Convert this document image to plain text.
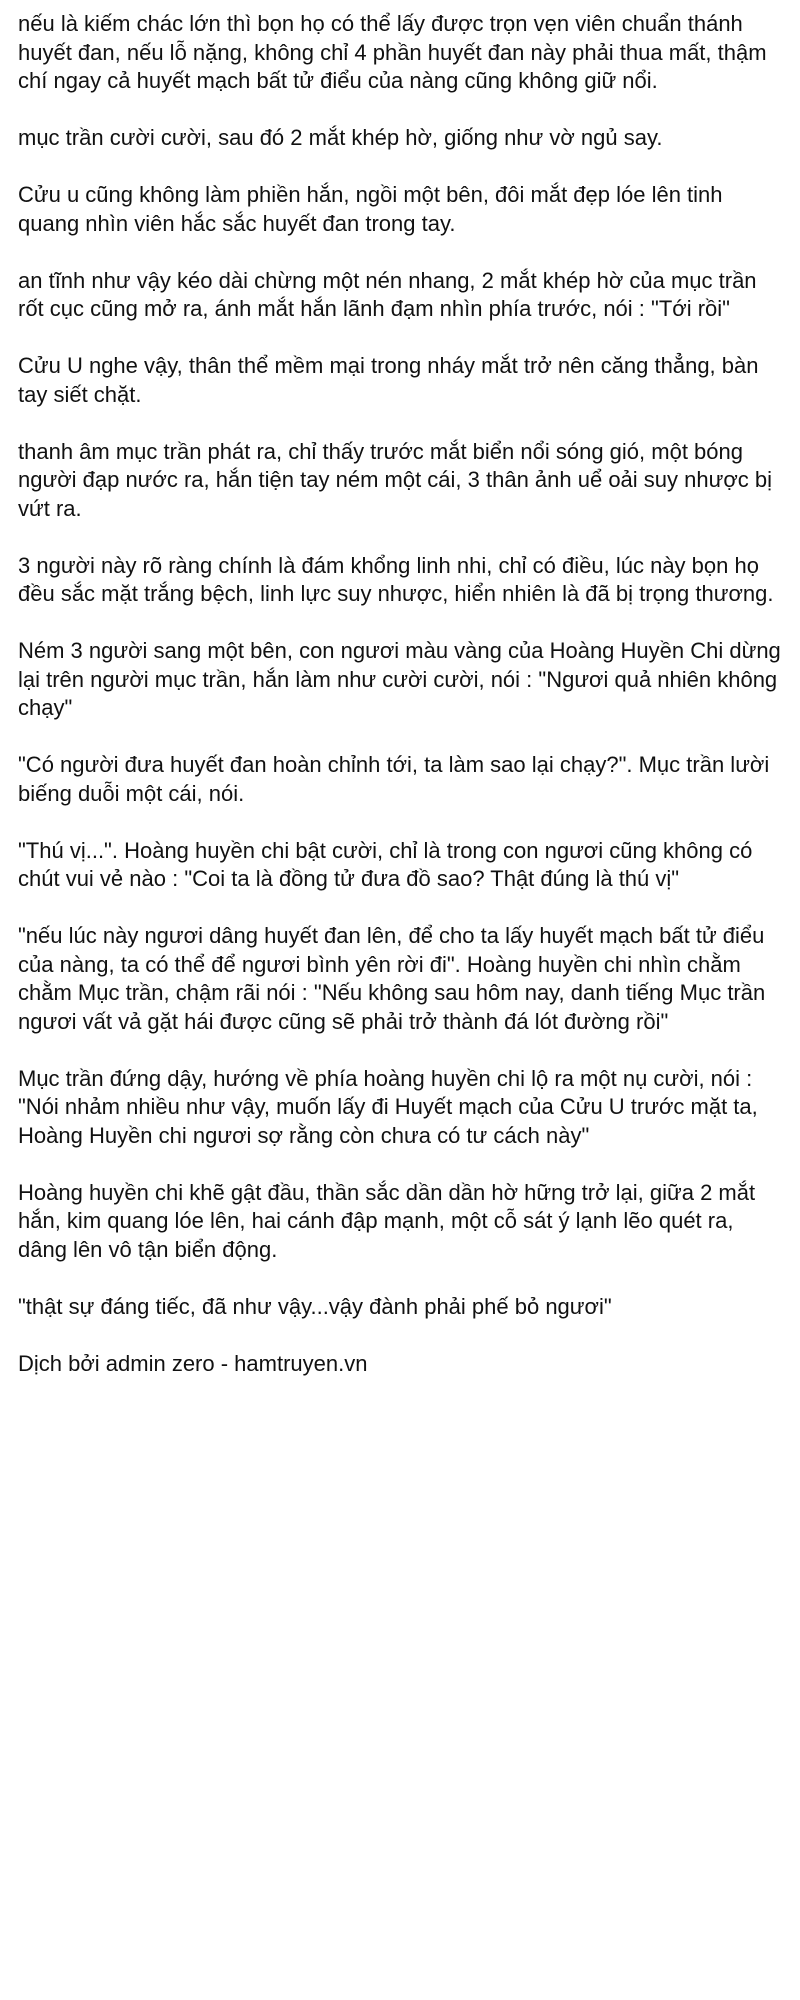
nếu là kiếm chác lớn thì bọn họ có thể lấy được trọn vẹn viên chuẩn thánh huyết đan, nếu lỗ nặng, không chỉ 4 phần huyết đan này phải thua mất, thậm chí ngay cả huyết mạch bất tử điểu của nàng cũng không giữ nổi.

mục trần cười cười, sau đó 2 mắt khép hờ, giống như vờ ngủ say.

Cửu u cũng không làm phiền hắn, ngồi một bên, đôi mắt đẹp lóe lên tinh quang nhìn viên hắc sắc huyết đan trong tay.

an tĩnh như vậy kéo dài chừng một nén nhang, 2 mắt khép hờ của mục trần rốt cục cũng mở ra, ánh mắt hắn lãnh đạm nhìn phía trước, nói : "Tới rồi"

Cửu U nghe vậy, thân thể mềm mại trong nháy mắt trở nên căng thẳng, bàn tay siết chặt.

thanh âm mục trần phát ra, chỉ thấy trước mắt biển nổi sóng gió, một bóng người đạp nước ra, hắn tiện tay ném một cái, 3 thân ảnh uể oải suy nhược bị vứt ra.

3 người này rõ ràng chính là đám khổng linh nhi, chỉ có điều, lúc này bọn họ đều sắc mặt trắng bệch, linh lực suy nhược, hiển nhiên là đã bị trọng thương.

Ném 3 người sang một bên, con ngươi màu vàng của Hoàng Huyền Chi dừng lại trên người mục trần, hắn làm như cười cười, nói : "Ngươi quả nhiên không chạy"

"Có người đưa huyết đan hoàn chỉnh tới, ta làm sao lại chạy?". Mục trần lười biếng duỗi một cái, nói.

"Thú vị...". Hoàng huyền chi bật cười, chỉ là trong con ngươi cũng không có chút vui vẻ nào : "Coi ta là đồng tử đưa đồ sao? Thật đúng là thú vị"

"nếu lúc này ngươi dâng huyết đan lên, để cho ta lấy huyết mạch bất tử điểu của nàng, ta có thể để ngươi bình yên rời đi". Hoàng huyền chi nhìn chằm chằm Mục trần, chậm rãi nói : "Nếu không sau hôm nay, danh tiếng Mục trần ngươi vất vả gặt hái được cũng sẽ phải trở thành đá lót đường rồi"

Mục trần đứng dậy, hướng về phía hoàng huyền chi lộ ra một nụ cười, nói : "Nói nhảm nhiều như vậy, muốn lấy đi Huyết mạch của Cửu U trước mặt ta, Hoàng Huyền chi ngươi sợ rằng còn chưa có tư cách này"

Hoàng huyền chi khẽ gật đầu, thần sắc dần dần hờ hững trở lại, giữa 2 mắt hắn, kim quang lóe lên, hai cánh đập mạnh, một cỗ sát ý lạnh lẽo quét ra, dâng lên vô tận biển động.

"thật sự đáng tiếc, đã như vậy...vậy đành phải phế bỏ ngươi"

Dịch bởi admin zero - hamtruyen.vn
